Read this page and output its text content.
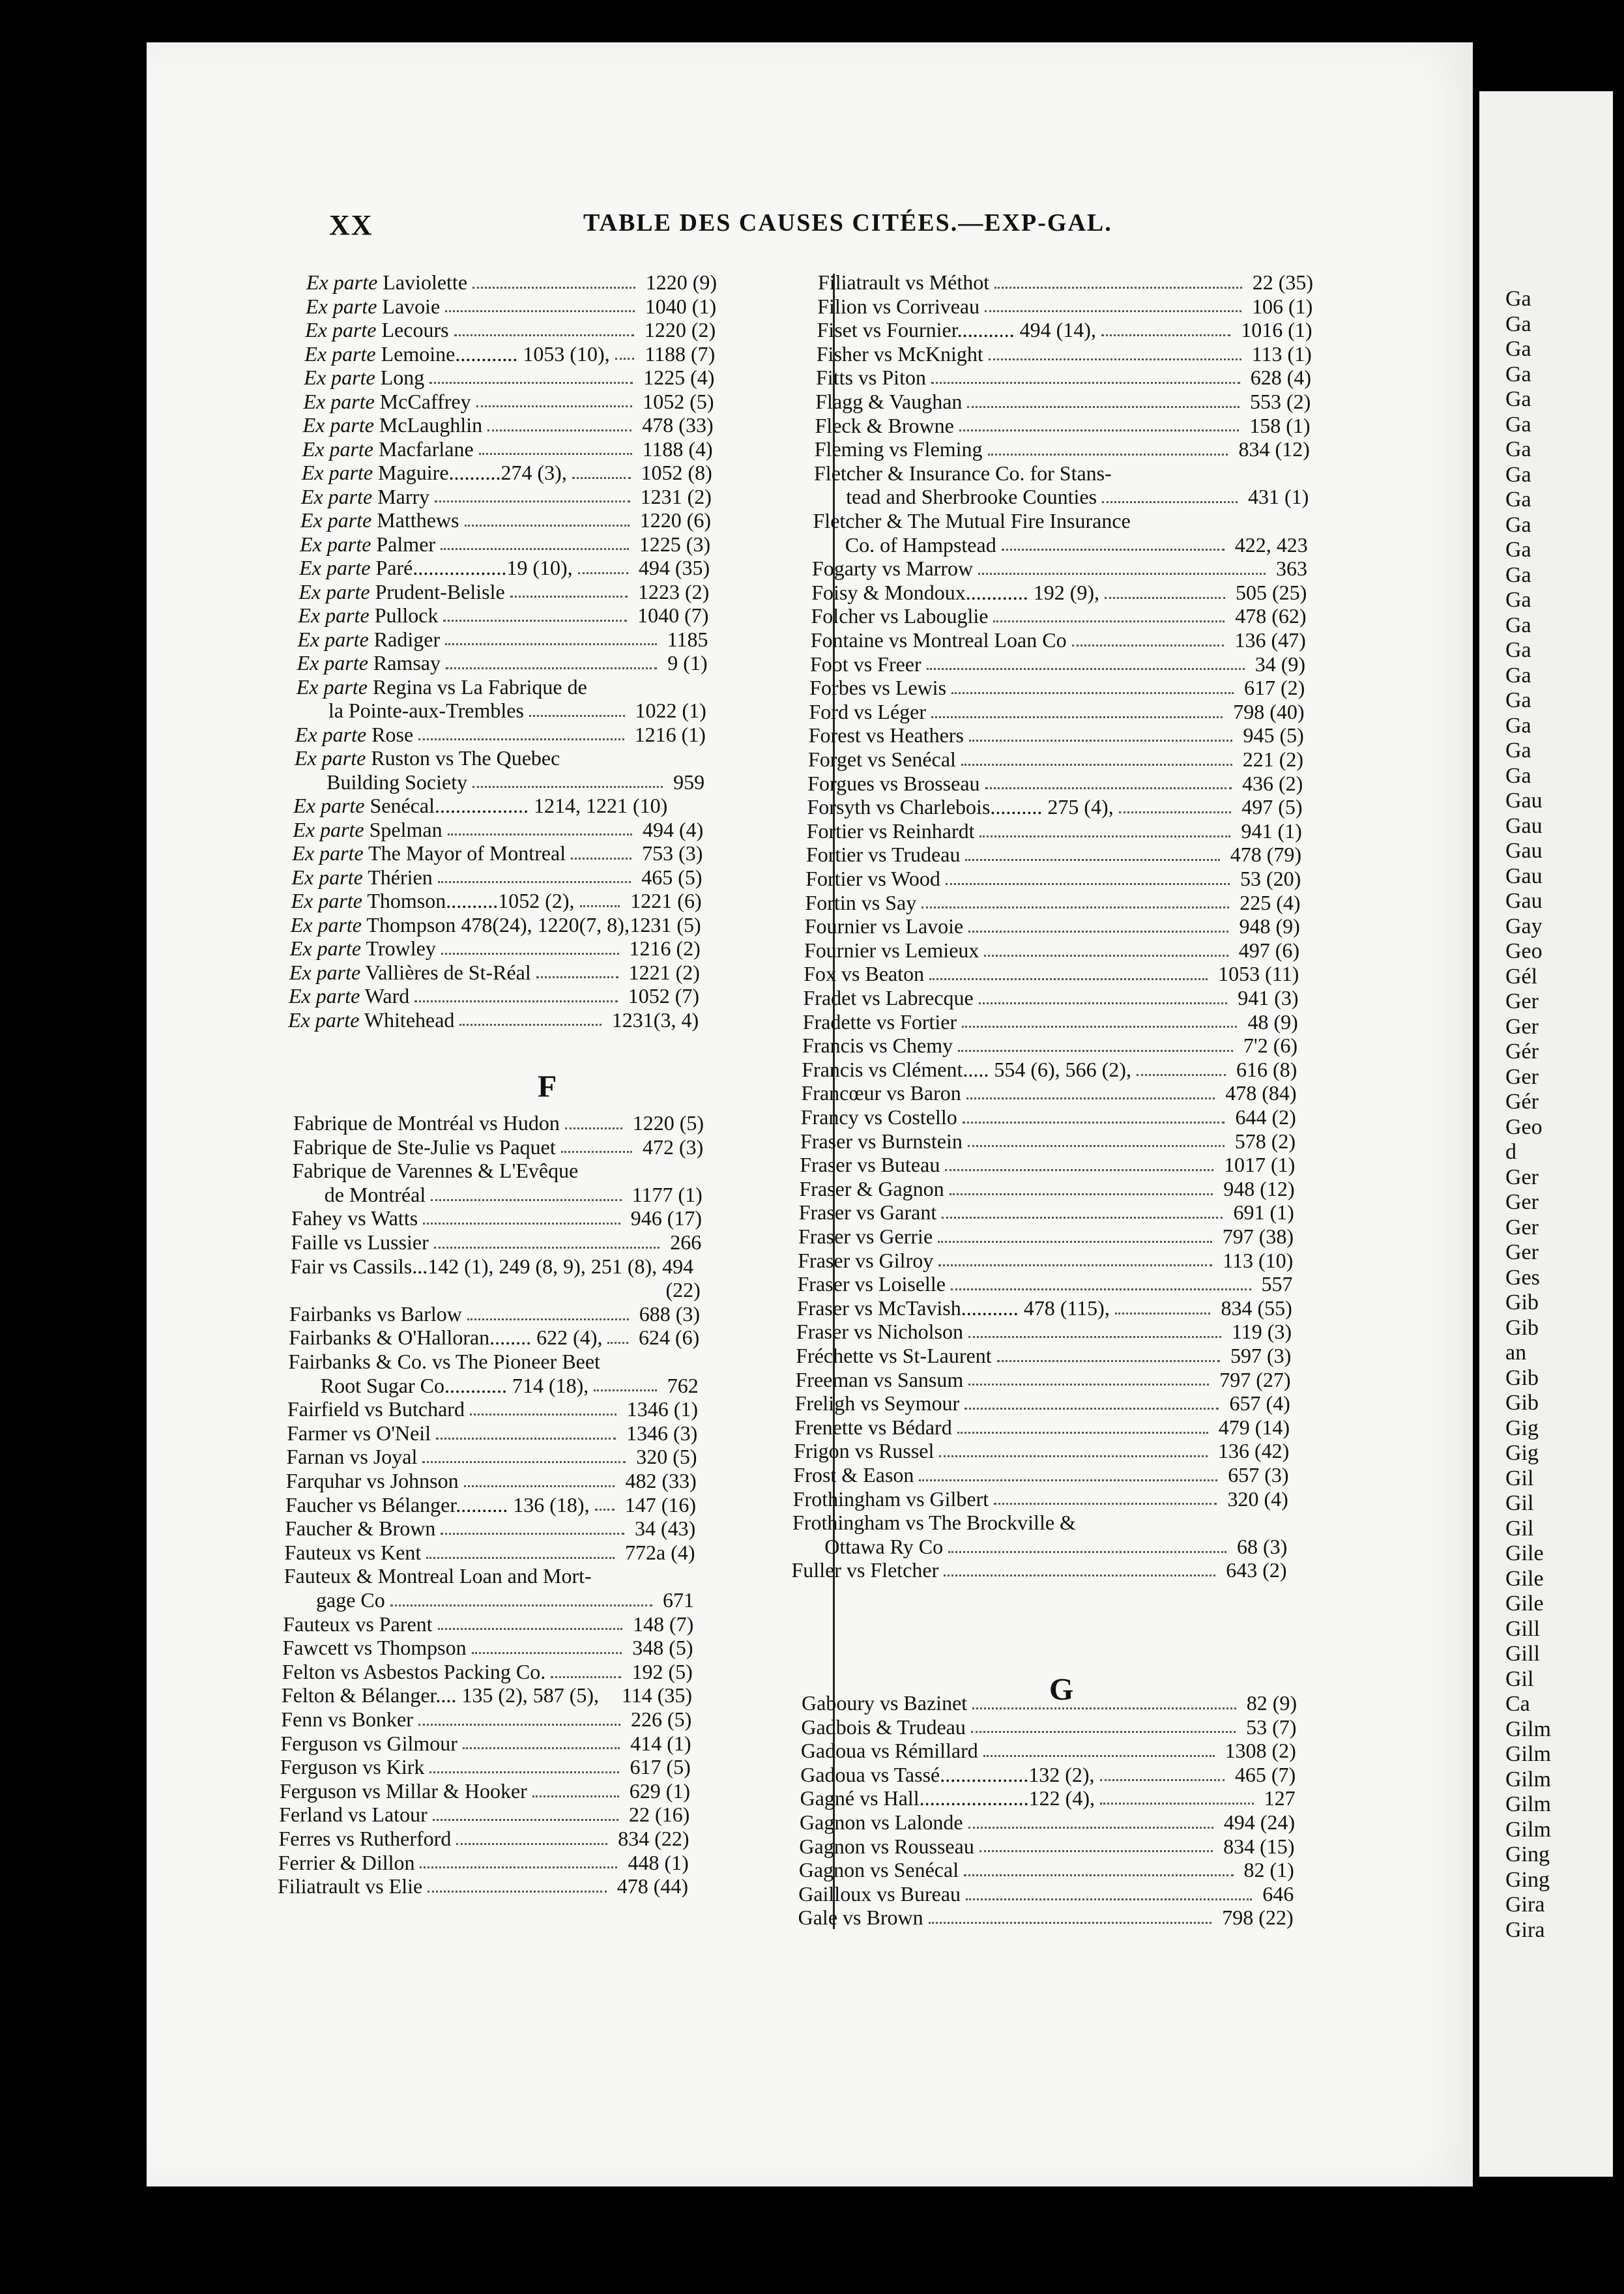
Ga
Ga
Ga
Ga
Ga
Ga
Ga
Ga
Ga
Ga
Ga
Ga
Ga
Ga
Ga
Ga
Ga
Ga
Ga
Ga
Gau
Gau
Gau
Gau
Gau
Gay
Geo
Gél
Ger
Ger
Gér
Ger
Gér
Geo
d
Ger
Ger
Ger
Ger
Ges
Gib
Gib
an
Gib
Gib
Gig
Gig
Gil
Gil
Gil
Gile
Gile
Gile
Gill
Gill
Gil
Ca
Gilm
Gilm
Gilm
Gilm
Gilm
Ging
Ging
Gira
Gira
XX	TABLE DES CAUSES CITÉES.—EXP-GAL.
Ex parte Laviolette	1220 (9)
Ex parte Lavoie	1040 (1)
Ex parte Lecours	1220 (2)
Ex parte Lemoine............ 1053 (10), 1188 (7)
Ex parte Long	1225 (4)
Ex parte McCaffrey	1052 (5)
Ex parte McLaughlin	478 (33)
Ex parte Macfarlane	1188 (4)
Ex parte Maguire..........274 (3),	1052 (8)
Ex parte Marry	1231 (2)
Ex parte Matthews	1220 (6)
Ex parte Palmer	1225 (3)
Ex parte Paré..................19 (10),	494 (35)
Ex parte Prudent-Belisle	1223 (2)
Ex parte Pullock	1040 (7)
Ex parte Radiger	1185
Ex parte Ramsay	9 (1)
Ex parte Regina vs La Fabrique de
la Pointe-aux-Trembles	1022 (1)
Ex parte Rose	1216 (1)
Ex parte Ruston vs The Quebec
Building Society	959
Ex parte Senécal.................. 1214, 1221 (10)
Ex parte Spelman	494 (4)
Ex parte The Mayor of Montreal	753 (3)
Ex parte Thérien	465 (5)
Ex parte Thomson..........1052 (2),	1221 (6)
Ex parte Thompson 478(24), 1220(7, 8), 1231 (5)
Ex parte Trowley	1216 (2)
Ex parte Vallières de St-Réal	1221 (2)
Ex parte Ward	1052 (7)
Ex parte Whitehead	1231(3, 4)
Fabrique de Montréal vs Hudon	1220 (5)
Fabrique de Ste-Julie vs Paquet	472 (3)
Fabrique de Varennes & L'Evêque
de Montréal	1177 (1)
Fahey vs Watts	946 (17)
Faille vs Lussier	266
Fair vs Cassils...142 (1), 249 (8, 9), 251 (8), 494
(22)
Fairbanks vs Barlow	688 (3)
Fairbanks & O'Halloran........ 622 (4), 624 (6)
Fairbanks & Co. vs The Pioneer Beet
Root Sugar Co............ 714 (18),	762
Fairfield vs Butchard	1346 (1)
Farmer vs O'Neil	1346 (3)
Farnan vs Joyal	320 (5)
Farquhar vs Johnson	482 (33)
Faucher vs Bélanger.......... 136 (18), 147 (16)
Faucher & Brown	34 (43)
Fauteux vs Kent	772a (4)
Fauteux & Montreal Loan and Mort-
gage Co	671
Fauteux vs Parent	148 (7)
Fawcett vs Thompson	348 (5)
Felton vs Asbestos Packing Co.	192 (5)
Felton & Bélanger.... 135 (2), 587 (5), 114 (35)
Fenn vs Bonker	226 (5)
Ferguson vs Gilmour	414 (1)
Ferguson vs Kirk	617 (5)
Ferguson vs Millar & Hooker	629 (1)
Ferland vs Latour	22 (16)
Ferres vs Rutherford	834 (22)
Ferrier & Dillon	448 (1)
Filiatrault vs Elie	478 (44)
Filiatrault vs Méthot	22 (35)
Filion vs Corriveau	106 (1)
Fiset vs Fournier........... 494 (14),	1016 (1)
Fisher vs McKnight	113 (1)
Fitts vs Piton	628 (4)
Flagg & Vaughan	553 (2)
Fleck & Browne	158 (1)
Fleming vs Fleming	834 (12)
Fletcher & Insurance Co. for Stans-
tead and Sherbrooke Counties	431 (1)
Fletcher & The Mutual Fire Insurance
Co. of Hampstead	422, 423
Fogarty vs Marrow	363
Foisy & Mondoux............ 192 (9),	505 (25)
Folcher vs Labouglie	478 (62)
Fontaine vs Montreal Loan Co	136 (47)
Foot vs Freer	34 (9)
Forbes vs Lewis	617 (2)
Ford vs Léger	798 (40)
Forest vs Heathers	945 (5)
Forget vs Senécal	221 (2)
Forgues vs Brosseau	436 (2)
Forsyth vs Charlebois.......... 275 (4),	497 (5)
Fortier vs Reinhardt	941 (1)
Fortier vs Trudeau	478 (79)
Fortier vs Wood	53 (20)
Fortin vs Say	225 (4)
Fournier vs Lavoie	948 (9)
Fournier vs Lemieux	497 (6)
Fox vs Beaton	1053 (11)
Fradet vs Labrecque	941 (3)
Fradette vs Fortier	48 (9)
Francis vs Chemy	7'2 (6)
Francis vs Clément..... 554 (6), 566 (2),	616 (8)
Francœur vs Baron	478 (84)
Francy vs Costello	644 (2)
Fraser vs Burnstein	578 (2)
Fraser vs Buteau	1017 (1)
Fraser & Gagnon	948 (12)
Fraser vs Garant	691 (1)
Fraser vs Gerrie	797 (38)
Fraser vs Gilroy	113 (10)
Fraser vs Loiselle	557
Fraser vs McTavish........... 478 (115),	834 (55)
Fraser vs Nicholson	119 (3)
Fréchette vs St-Laurent	597 (3)
Freeman vs Sansum	797 (27)
Freligh vs Seymour	657 (4)
Frenette vs Bédard	479 (14)
Frigon vs Russel	136 (42)
Frost & Eason	657 (3)
Frothingham vs Gilbert	320 (4)
Frothingham vs The Brockville &
Ottawa Ry Co	68 (3)
Fuller vs Fletcher	643 (2)
Gaboury vs Bazinet	82 (9)
Gadbois & Trudeau	53 (7)
Gadoua vs Rémillard	1308 (2)
Gadoua vs Tassé.................132 (2),	465 (7)
Gagné vs Hall.....................122 (4),	127
Gagnon vs Lalonde	494 (24)
Gagnon vs Rousseau	834 (15)
Gagnon vs Senécal	82 (1)
Gailloux vs Bureau	646
Gale vs Brown	798 (22)
F
G
